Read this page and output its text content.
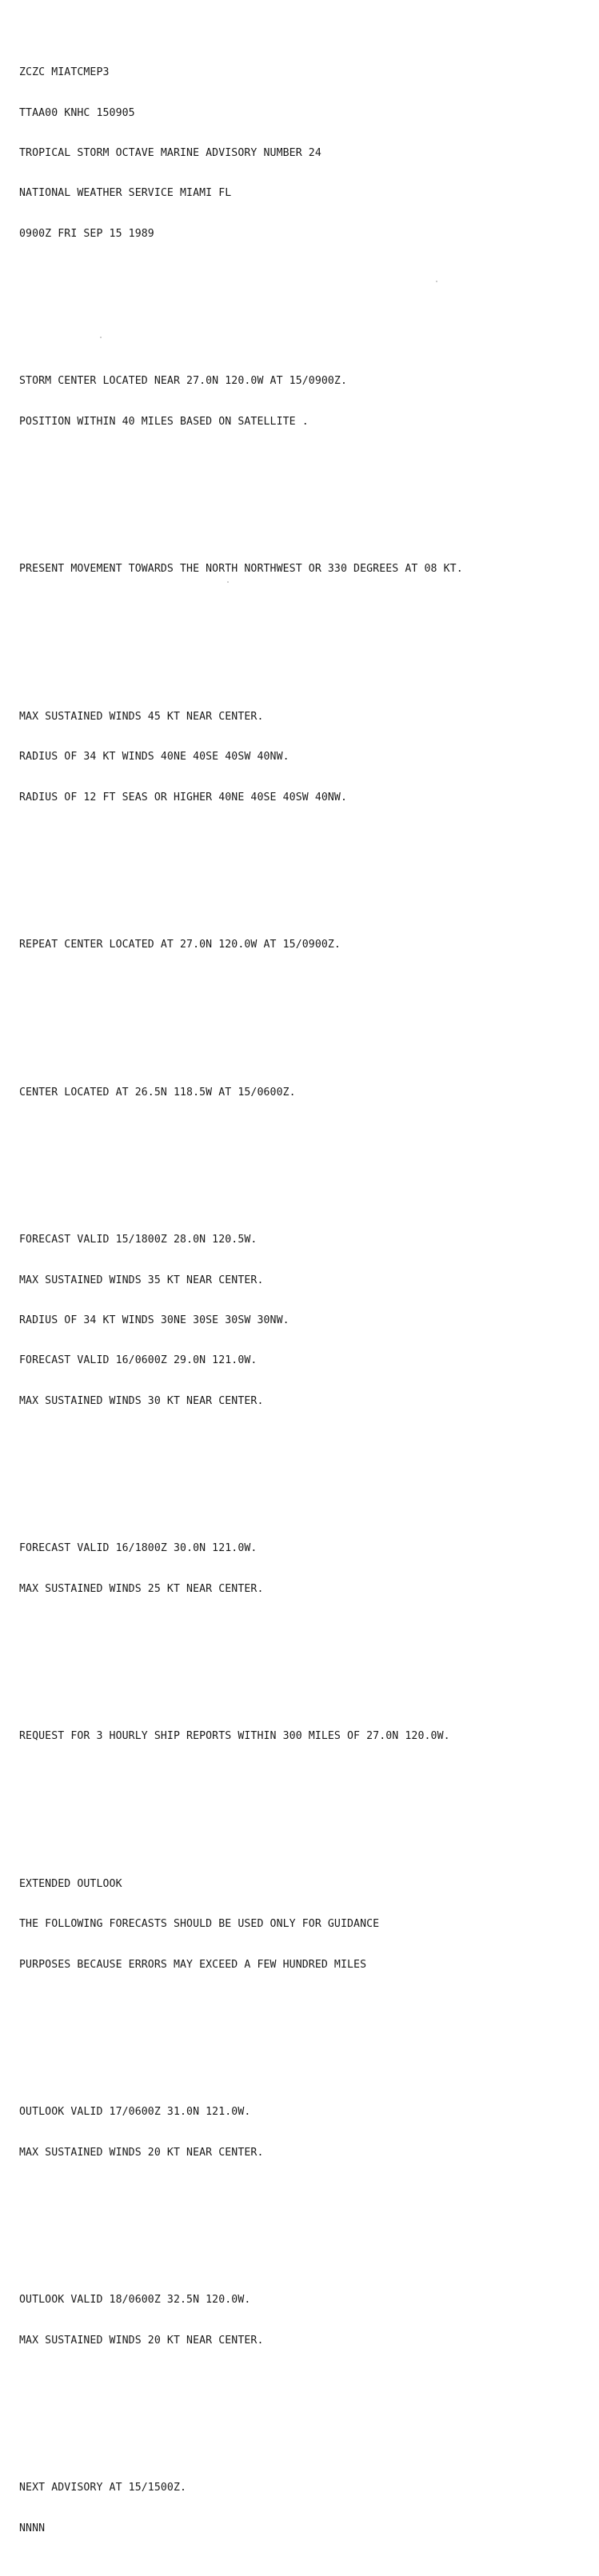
ZCZC MIATCMEP3

TTAA00 KNHC 150905

TROPICAL STORM OCTAVE MARINE ADVISORY NUMBER 24

NATIONAL WEATHER SERVICE MIAMI FL

0900Z FRI SEP 15 1989

STORM CENTER LOCATED NEAR 27.0N 120.0W AT 15/0900Z.

POSITION WITHIN 40 MILES BASED ON SATELLITE .

PRESENT MOVEMENT TOWARDS THE NORTH NORTHWEST OR 330 DEGREES AT 08 KT.

MAX SUSTAINED WINDS 45 KT NEAR CENTER.

RADIUS OF 34 KT WINDS 40NE 40SE 40SW 40NW.

RADIUS OF 12 FT SEAS OR HIGHER 40NE 40SE 40SW 40NW.

REPEAT CENTER LOCATED AT 27.0N 120.0W AT 15/0900Z.

CENTER LOCATED AT 26.5N 118.5W AT 15/0600Z.

FORECAST VALID 15/1800Z 28.0N 120.5W.

MAX SUSTAINED WINDS 35 KT NEAR CENTER.

RADIUS OF 34 KT WINDS 30NE 30SE 30SW 30NW.

FORECAST VALID 16/0600Z 29.0N 121.0W.

MAX SUSTAINED WINDS 30 KT NEAR CENTER.

FORECAST VALID 16/1800Z 30.0N 121.0W.

MAX SUSTAINED WINDS 25 KT NEAR CENTER.

REQUEST FOR 3 HOURLY SHIP REPORTS WITHIN 300 MILES OF 27.0N 120.0W.

EXTENDED OUTLOOK

THE FOLLOWING FORECASTS SHOULD BE USED ONLY FOR GUIDANCE

PURPOSES BECAUSE ERRORS MAY EXCEED A FEW HUNDRED MILES

OUTLOOK VALID 17/0600Z 31.0N 121.0W.

MAX SUSTAINED WINDS 20 KT NEAR CENTER.

OUTLOOK VALID 18/0600Z 32.5N 120.0W.

MAX SUSTAINED WINDS 20 KT NEAR CENTER.

NEXT ADVISORY AT 15/1500Z.

NNNN
